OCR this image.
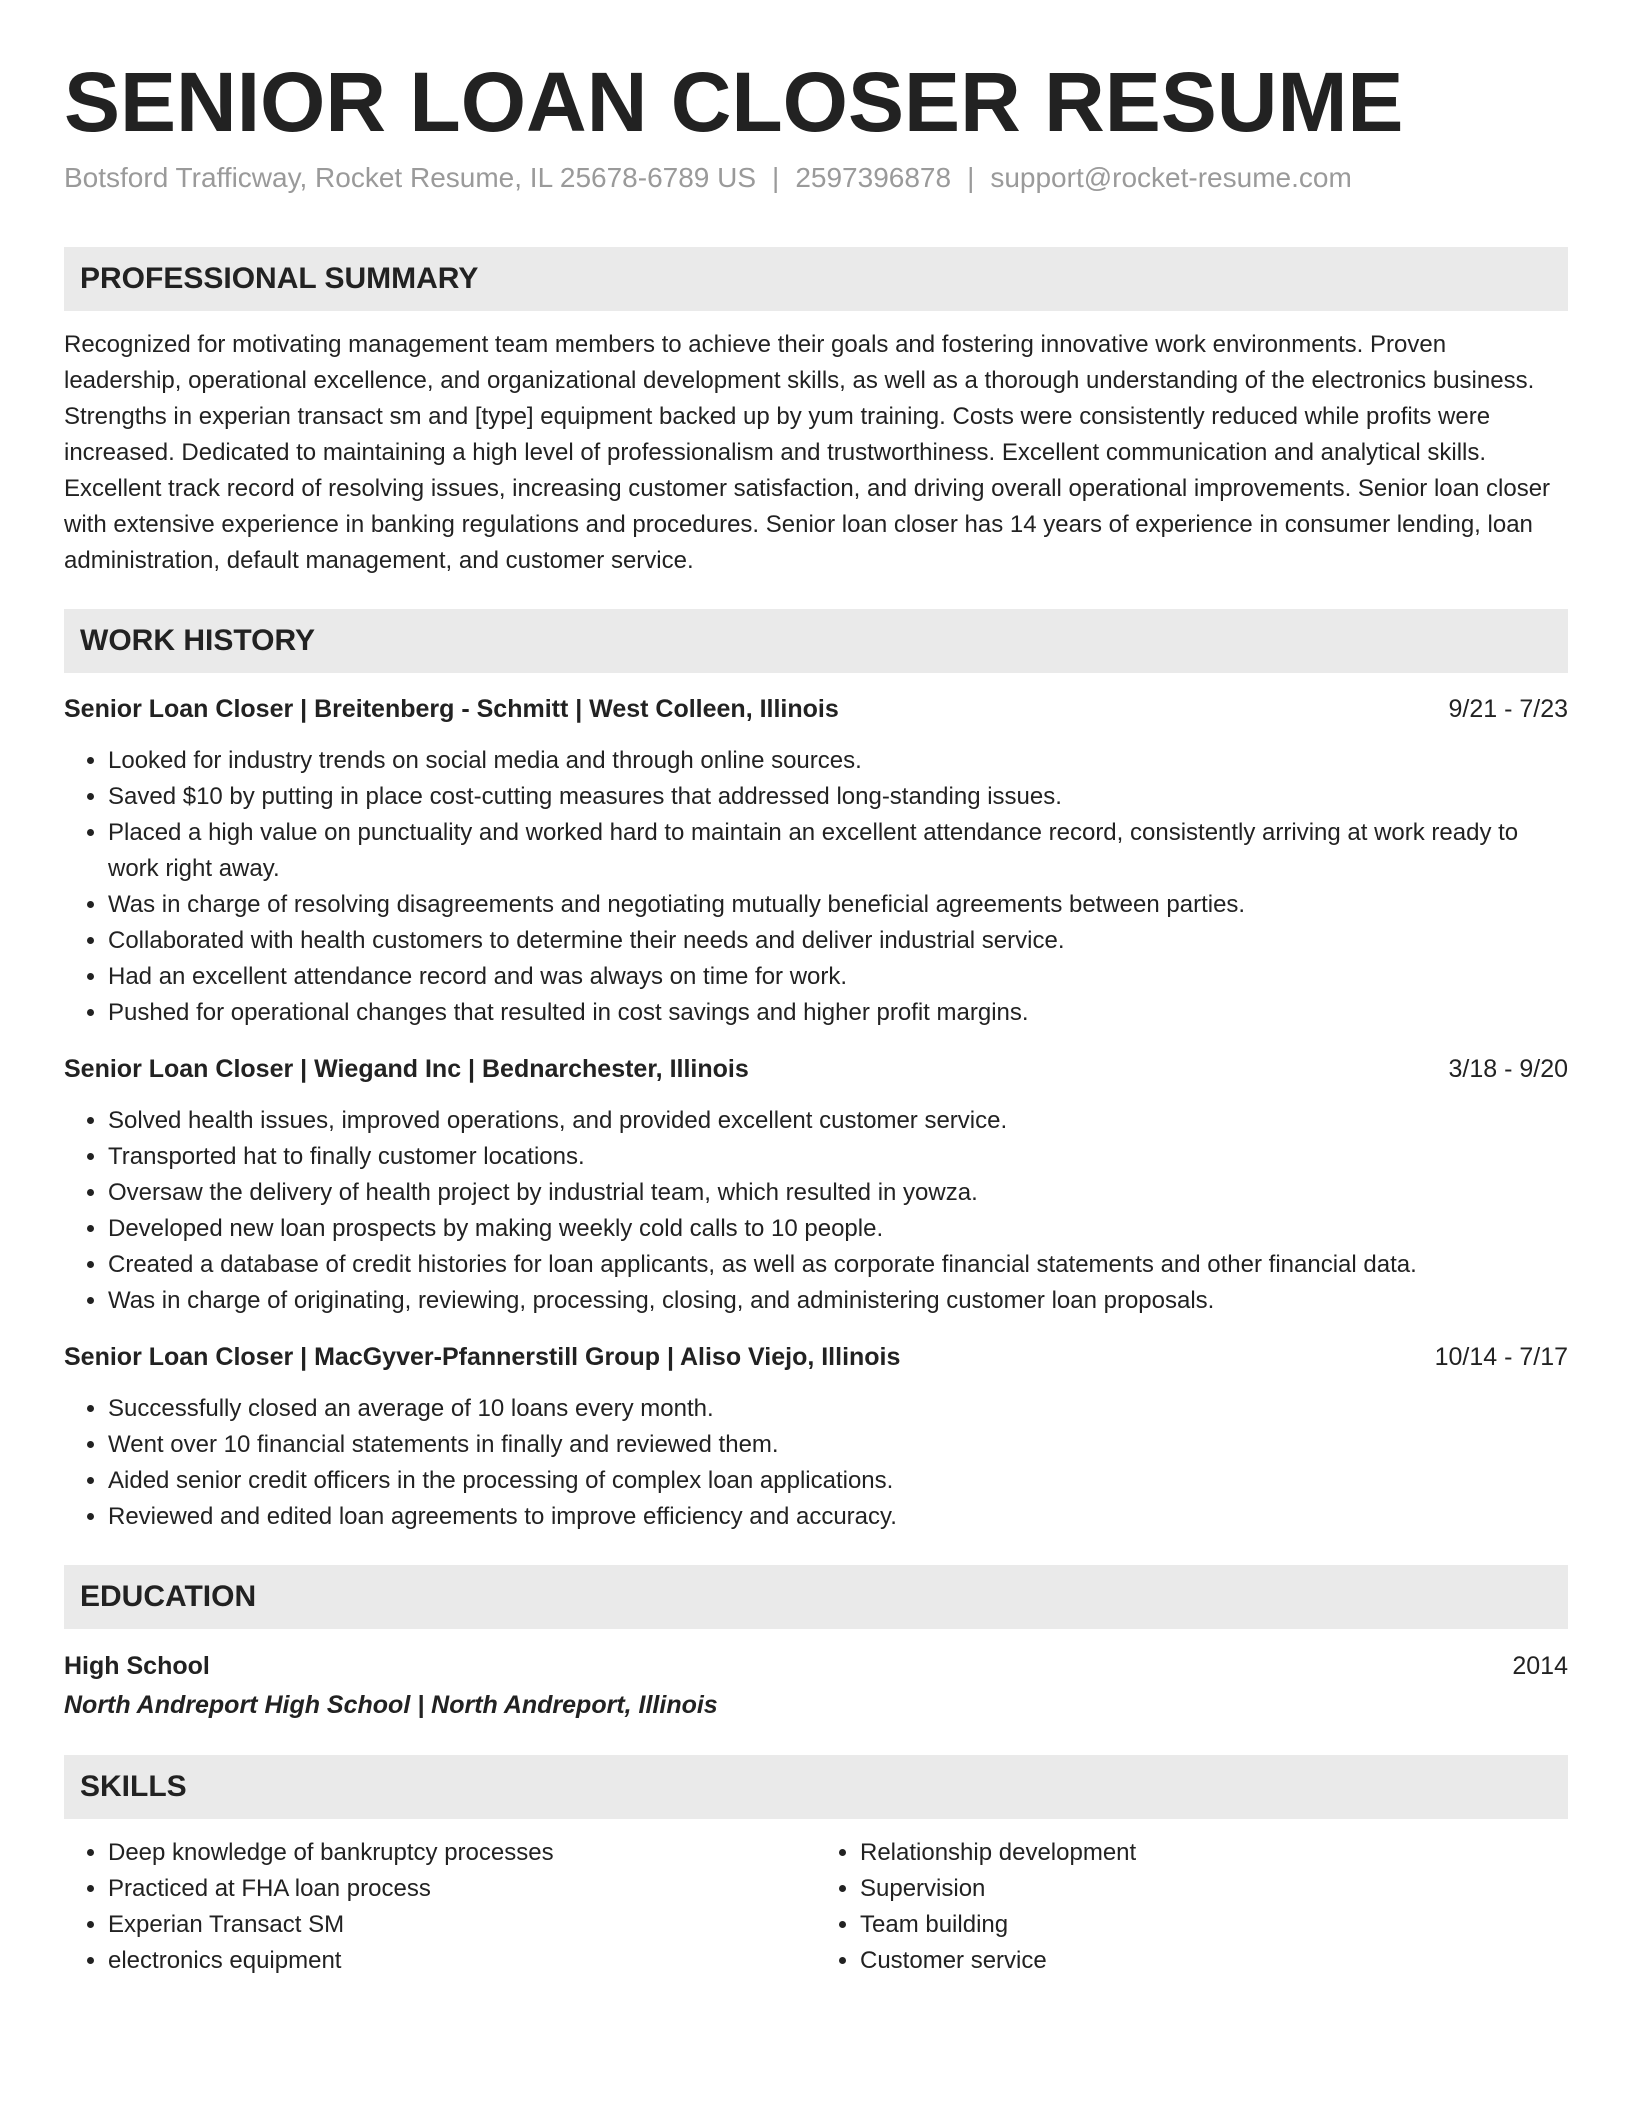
SENIOR LOAN CLOSER RESUME
Botsford Trafficway, Rocket Resume, IL 25678-6789 US | 2597396878 | support@rocket-resume.com
PROFESSIONAL SUMMARY
Recognized for motivating management team members to achieve their goals and fostering innovative work environments. Proven leadership, operational excellence, and organizational development skills, as well as a thorough understanding of the electronics business. Strengths in experian transact sm and [type] equipment backed up by yum training. Costs were consistently reduced while profits were increased. Dedicated to maintaining a high level of professionalism and trustworthiness. Excellent communication and analytical skills. Excellent track record of resolving issues, increasing customer satisfaction, and driving overall operational improvements. Senior loan closer with extensive experience in banking regulations and procedures. Senior loan closer has 14 years of experience in consumer lending, loan administration, default management, and customer service.
WORK HISTORY
Senior Loan Closer | Breitenberg - Schmitt | West Colleen, Illinois	9/21 - 7/23
• Looked for industry trends on social media and through online sources.
• Saved $10 by putting in place cost-cutting measures that addressed long-standing issues.
• Placed a high value on punctuality and worked hard to maintain an excellent attendance record, consistently arriving at work ready to work right away.
• Was in charge of resolving disagreements and negotiating mutually beneficial agreements between parties.
• Collaborated with health customers to determine their needs and deliver industrial service.
• Had an excellent attendance record and was always on time for work.
• Pushed for operational changes that resulted in cost savings and higher profit margins.
Senior Loan Closer | Wiegand Inc | Bednarchester, Illinois	3/18 - 9/20
• Solved health issues, improved operations, and provided excellent customer service.
• Transported hat to finally customer locations.
• Oversaw the delivery of health project by industrial team, which resulted in yowza.
• Developed new loan prospects by making weekly cold calls to 10 people.
• Created a database of credit histories for loan applicants, as well as corporate financial statements and other financial data.
• Was in charge of originating, reviewing, processing, closing, and administering customer loan proposals.
Senior Loan Closer | MacGyver-Pfannerstill Group | Aliso Viejo, Illinois	10/14 - 7/17
• Successfully closed an average of 10 loans every month.
• Went over 10 financial statements in finally and reviewed them.
• Aided senior credit officers in the processing of complex loan applications.
• Reviewed and edited loan agreements to improve efficiency and accuracy.
EDUCATION
High School	2014
North Andreport High School | North Andreport, Illinois
SKILLS
• Deep knowledge of bankruptcy processes
• Practiced at FHA loan process
• Experian Transact SM
• electronics equipment
• Relationship development
• Supervision
• Team building
• Customer service
